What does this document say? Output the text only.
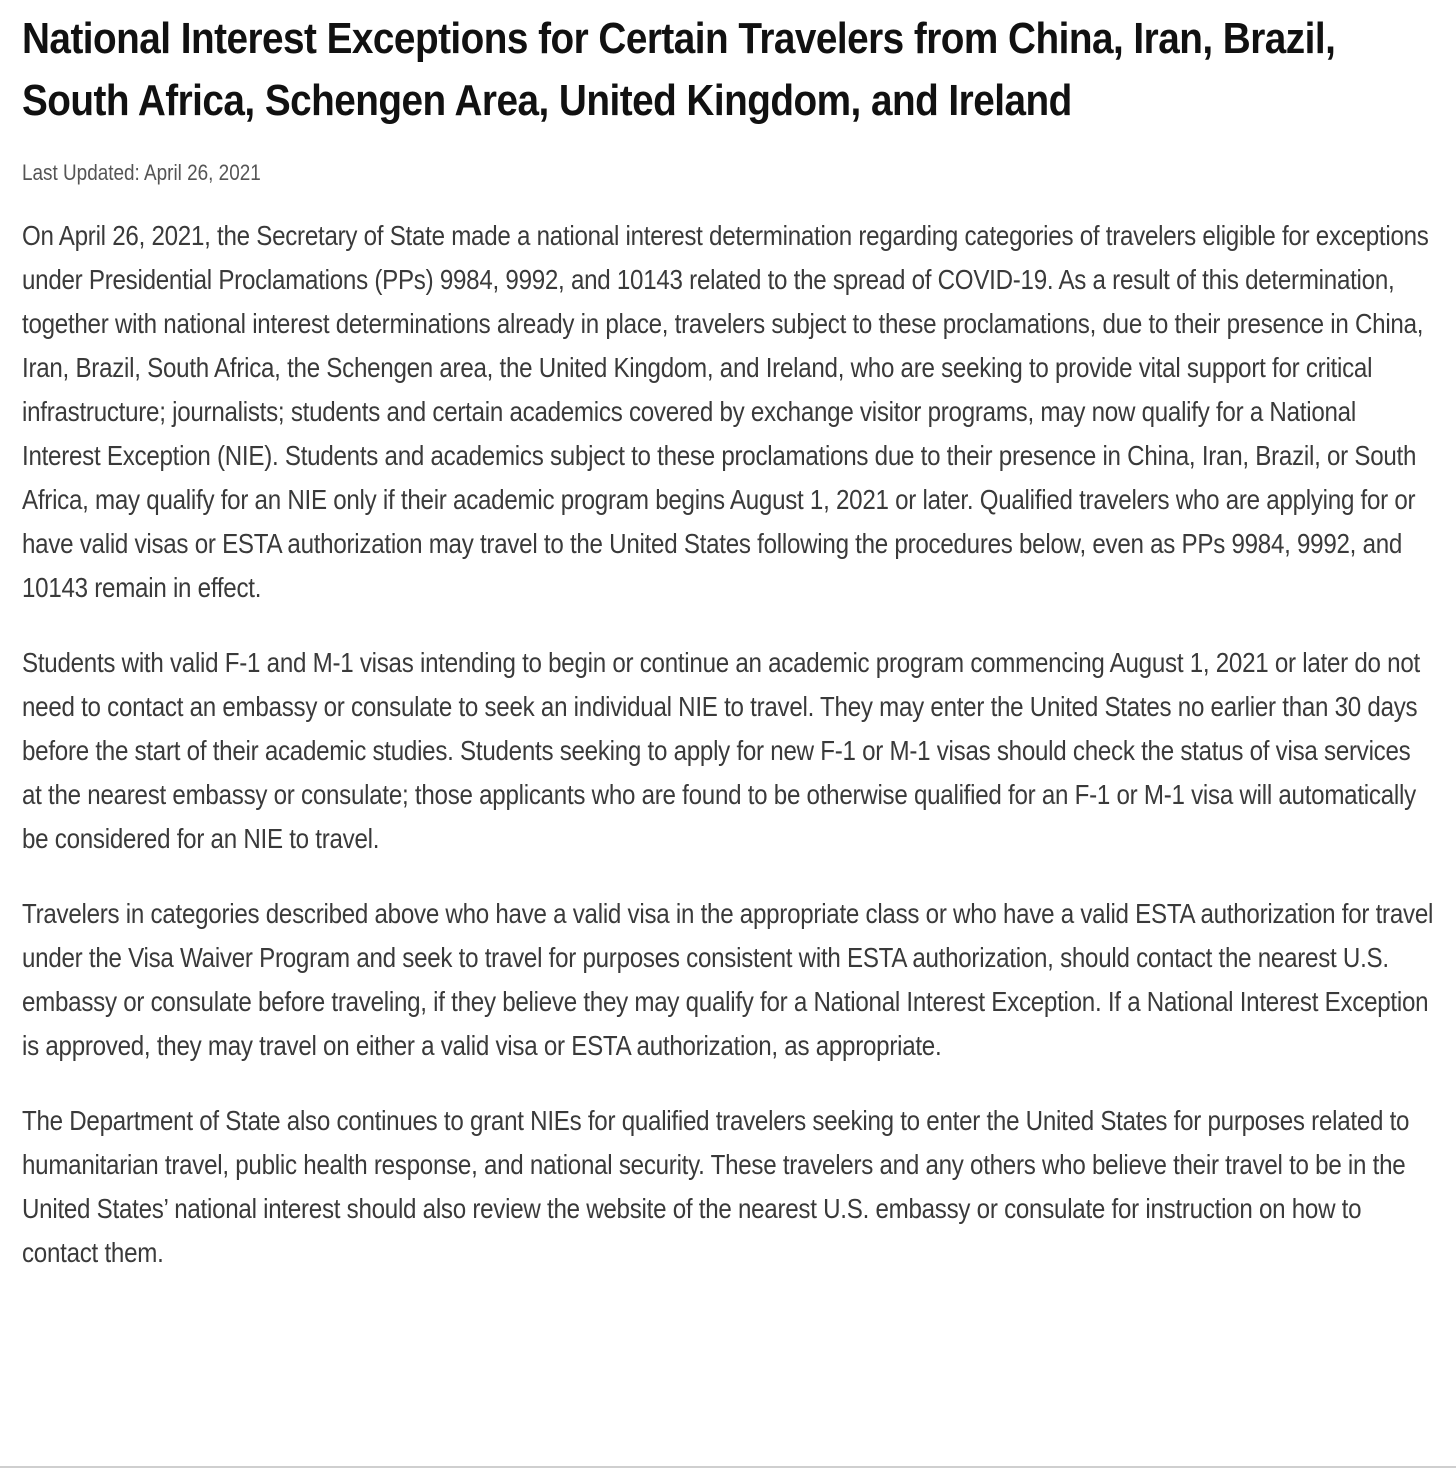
National Interest Exceptions for Certain Travelers from China, Iran, Brazil, South Africa, Schengen Area, United Kingdom, and Ireland
Last Updated: April 26, 2021

On April 26, 2021, the Secretary of State made a national interest determination regarding categories of travelers eligible for exceptions under Presidential Proclamations (PPs) 9984, 9992, and 10143 related to the spread of COVID-19. As a result of this determination, together with national interest determinations already in place, travelers subject to these proclamations, due to their presence in China, Iran, Brazil, South Africa, the Schengen area, the United Kingdom, and Ireland, who are seeking to provide vital support for critical infrastructure; journalists; students and certain academics covered by exchange visitor programs, may now qualify for a National Interest Exception (NIE). Students and academics subject to these proclamations due to their presence in China, Iran, Brazil, or South Africa, may qualify for an NIE only if their academic program begins August 1, 2021 or later. Qualified travelers who are applying for or have valid visas or ESTA authorization may travel to the United States following the procedures below, even as PPs 9984, 9992, and 10143 remain in effect.

Students with valid F-1 and M-1 visas intending to begin or continue an academic program commencing August 1, 2021 or later do not need to contact an embassy or consulate to seek an individual NIE to travel. They may enter the United States no earlier than 30 days before the start of their academic studies. Students seeking to apply for new F-1 or M-1 visas should check the status of visa services at the nearest embassy or consulate; those applicants who are found to be otherwise qualified for an F-1 or M-1 visa will automatically be considered for an NIE to travel.

Travelers in categories described above who have a valid visa in the appropriate class or who have a valid ESTA authorization for travel under the Visa Waiver Program and seek to travel for purposes consistent with ESTA authorization, should contact the nearest U.S. embassy or consulate before traveling, if they believe they may qualify for a National Interest Exception. If a National Interest Exception is approved, they may travel on either a valid visa or ESTA authorization, as appropriate.

The Department of State also continues to grant NIEs for qualified travelers seeking to enter the United States for purposes related to humanitarian travel, public health response, and national security. These travelers and any others who believe their travel to be in the United States’ national interest should also review the website of the nearest U.S. embassy or consulate for instruction on how to contact them.
